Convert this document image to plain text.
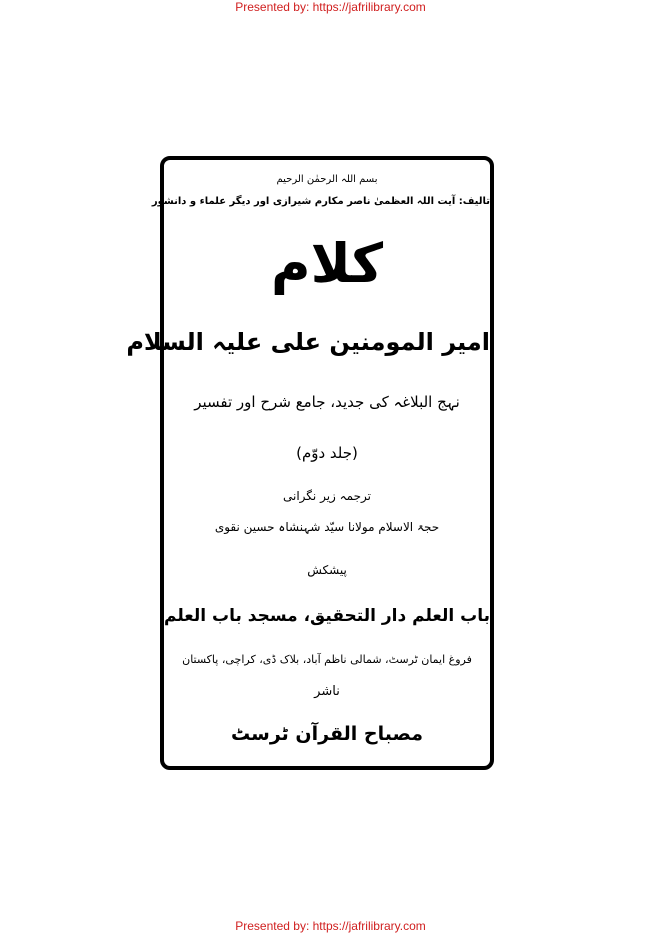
Presented by: https://jafrilibrary.com
بسم اللہ الرحمٰن الرحیم
تالیف: آیت اللہ العظمیٰ ناصر مکارم شیرازی اور دیگر علماء و دانشور
کلام
امیر المومنین علی علیہ السلام
نہج البلاغہ کی جدید، جامع شرح اور تفسیر
(جلد دوّم)
ترجمہ زیر نگرانی
حجۃ الاسلام مولانا سیّد شہنشاہ حسین نقوی
پیشکش
باب العلم دار التحقیق، مسجد باب العلم
فروغ ایمان ٹرسٹ، شمالی ناظم آباد، بلاک ڈی، کراچی، پاکستان
ناشر
مصباح القرآن ٹرسٹ
Presented by: https://jafrilibrary.com
